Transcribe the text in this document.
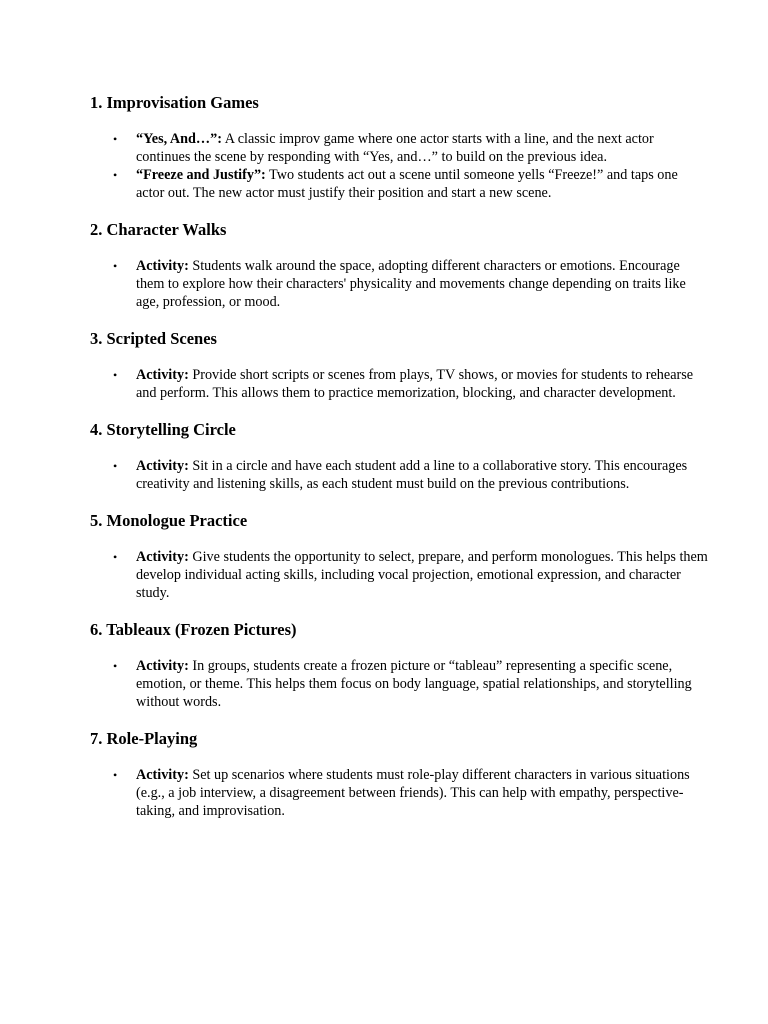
1. Improvisation Games
• “Yes, And…”: A classic improv game where one actor starts with a line, and the next actor continues the scene by responding with “Yes, and…” to build on the previous idea.
• “Freeze and Justify”: Two students act out a scene until someone yells “Freeze!” and taps one actor out. The new actor must justify their position and start a new scene.
2. Character Walks
• Activity: Students walk around the space, adopting different characters or emotions. Encourage them to explore how their characters' physicality and movements change depending on traits like age, profession, or mood.
3. Scripted Scenes
• Activity: Provide short scripts or scenes from plays, TV shows, or movies for students to rehearse and perform. This allows them to practice memorization, blocking, and character development.
4. Storytelling Circle
• Activity: Sit in a circle and have each student add a line to a collaborative story. This encourages creativity and listening skills, as each student must build on the previous contributions.
5. Monologue Practice
• Activity: Give students the opportunity to select, prepare, and perform monologues. This helps them develop individual acting skills, including vocal projection, emotional expression, and character study.
6. Tableaux (Frozen Pictures)
• Activity: In groups, students create a frozen picture or “tableau” representing a specific scene, emotion, or theme. This helps them focus on body language, spatial relationships, and storytelling without words.
7. Role-Playing
• Activity: Set up scenarios where students must role-play different characters in various situations (e.g., a job interview, a disagreement between friends). This can help with empathy, perspective-taking, and improvisation.
